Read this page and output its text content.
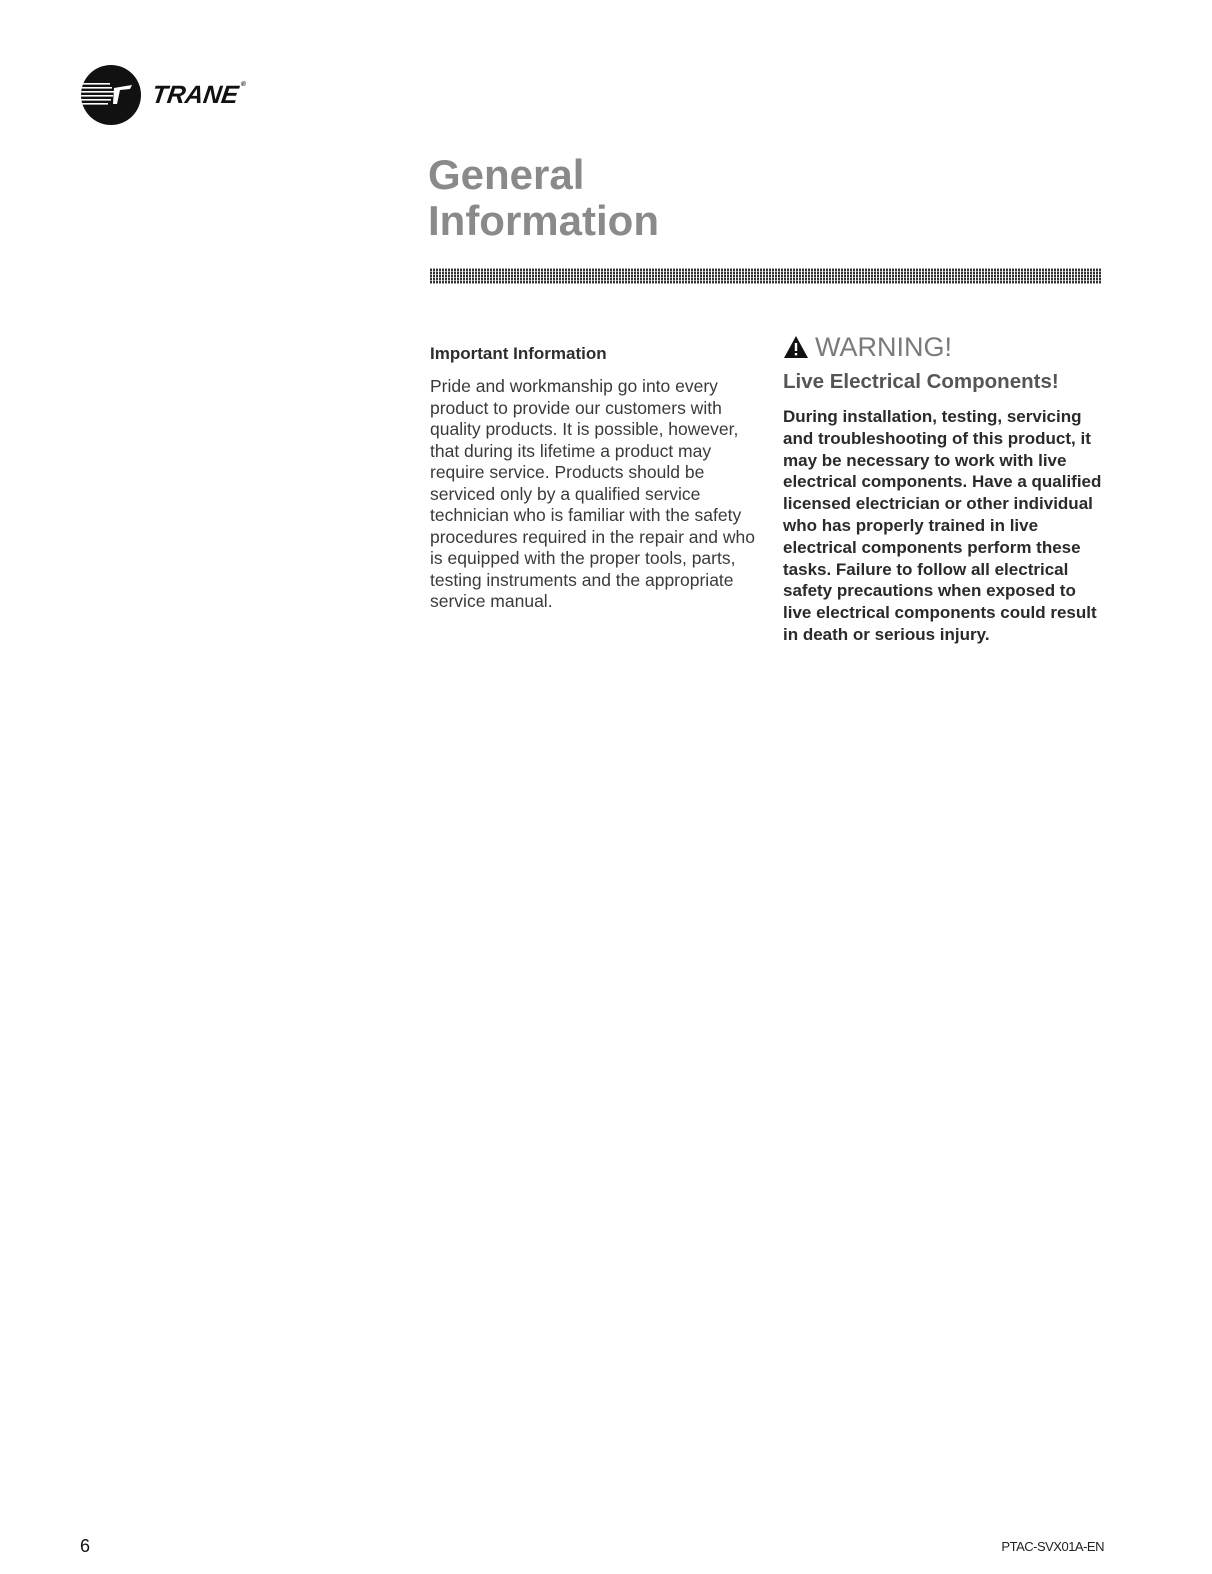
TRANE®
General
Information
Important Information

Pride and workmanship go into every product to provide our customers with quality products. It is possible, however, that during its lifetime a product may require service. Products should be serviced only by a qualified service technician who is familiar with the safety procedures required in the repair and who is equipped with the proper tools, parts, testing instruments and the appropriate service manual.

WARNING!
Live Electrical Components!

During installation, testing, servicing and troubleshooting of this product, it may be necessary to work with live electrical components. Have a qualified licensed electrician or other individual who has properly trained in live electrical components perform these tasks. Failure to follow all electrical safety precautions when exposed to live electrical components could result in death or serious injury.

6	PTAC-SVX01A-EN
